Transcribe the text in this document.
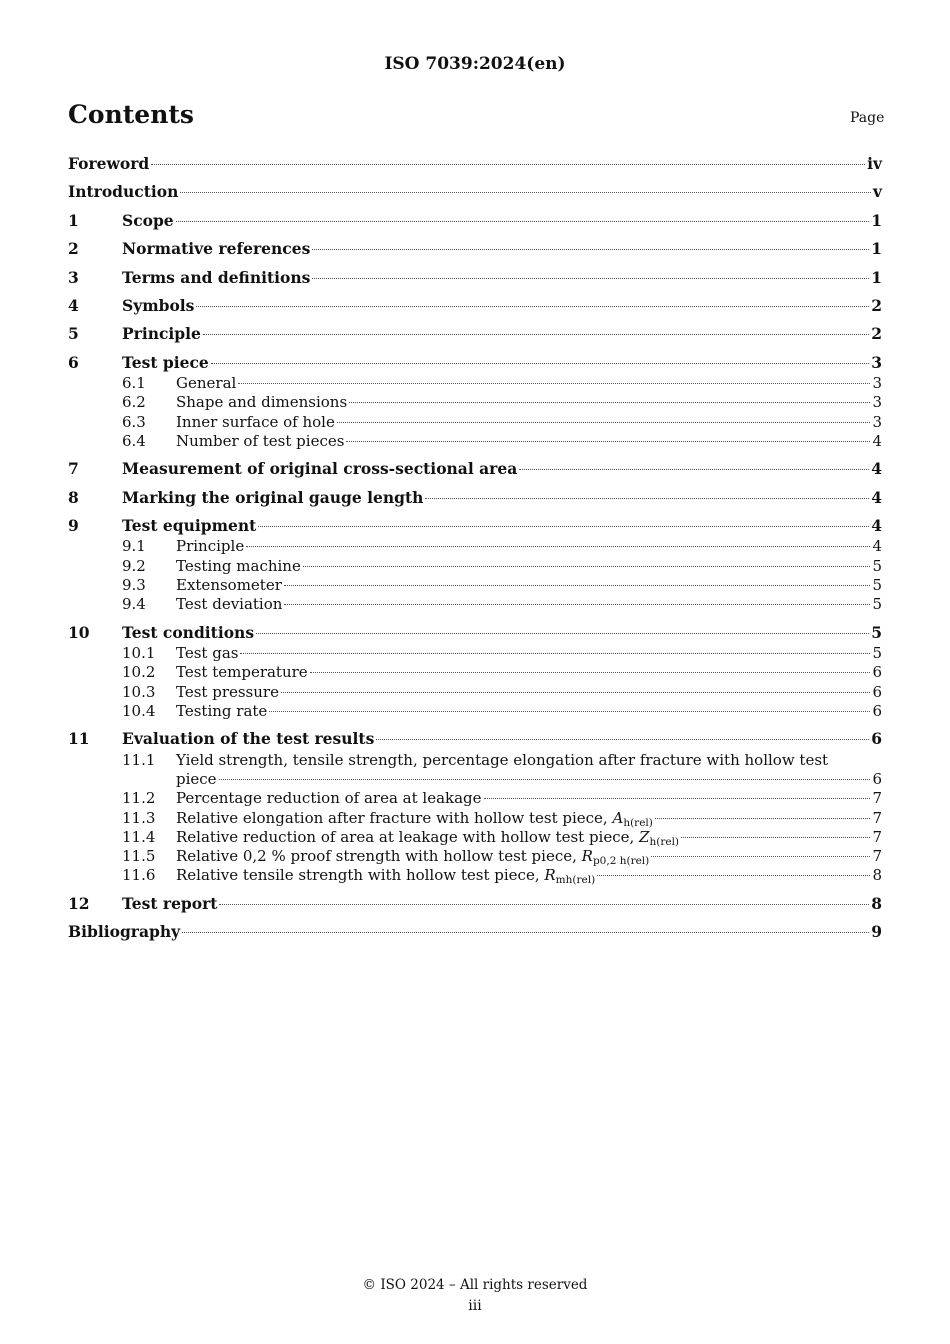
ISO 7039:2024(en)
Contents	Page
Foreword	iv
Introduction	v
1	Scope	1
2	Normative references	1
3	Terms and definitions	1
4	Symbols	2
5	Principle	2
6	Test piece	3
6.1	General	3
6.2	Shape and dimensions	3
6.3	Inner surface of hole	3
6.4	Number of test pieces	4
7	Measurement of original cross-sectional area	4
8	Marking the original gauge length	4
9	Test equipment	4
9.1	Principle	4
9.2	Testing machine	5
9.3	Extensometer	5
9.4	Test deviation	5
10	Test conditions	5
10.1	Test gas	5
10.2	Test temperature	6
10.3	Test pressure	6
10.4	Testing rate	6
11	Evaluation of the test results	6
11.1	Yield strength, tensile strength, percentage elongation after fracture with hollow test
piece	6
11.2	Percentage reduction of area at leakage	7
11.3	Relative elongation after fracture with hollow test piece, $A_{h(rel)}$	7
11.4	Relative reduction of area at leakage with hollow test piece, $Z_{h(rel)}$	7
11.5	Relative 0,2 % proof strength with hollow test piece, $R_{p0,2 h(rel)}$	7
11.6	Relative tensile strength with hollow test piece, $R_{mh(rel)}$	8
12	Test report	8
Bibliography	9
© ISO 2024 – All rights reserved
iii
